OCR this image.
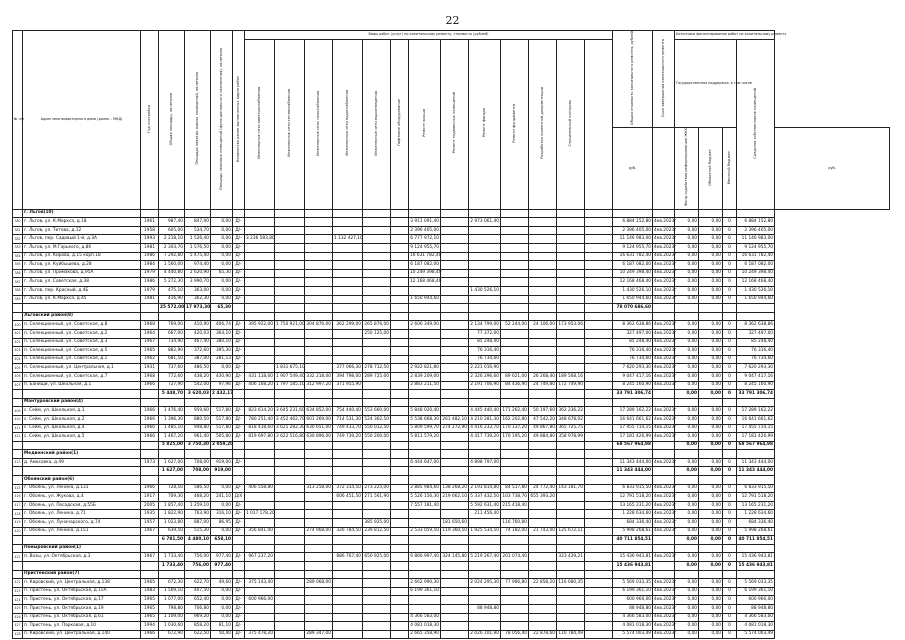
22
№ п/п	Адрес многоквартирного дома (далее – МКД)	Год постройки	Общая площадь, кв.метров	Площадь квартир жилых помещений, кв.метров	Площадь нежилых помещений (функционального назначения), кв.метров	Количество ранее выполненных видов работ	Виды работ (услуг) по капитальному ремонту, стоимость (рублей)													Общая стоимость капитального ремонта, рублей	Срок завершения капитального ремонта	Источники финансирования работ по капитальному ремонту				
							Инженерные сети электроснабжения	Инженерные сети теплоснабжения	Инженерные сети газоснабжения	Инженерные сети водоснабжения	Инженерные сети водоотведения	Лифтовое оборудование	Ремонт крыши	Ремонт подвальных помещений	Ремонт фасада	Ремонт фундамента	Разработка проектной документации	Строительный контроль				Государственная поддержка, в том числе			Средства собственников помещений	
																				руб.		Фонд содействия реформированию ЖКХ	Областной бюджет	Местный бюджет		руб.
	г. Льгов(10)																									
380	г. Льгов, ул. К.Маркса, д.18	1961	987,40	847,00	0,00	Д/-							3 911 091,40		2 973 061,40					6 884 152,80	4кв.2023г	0,00	0,00	0	6 884 152,80	
381	г. Льгов, ул. Титова, д.12	1958	605,00	534,70	0,00	Д/-							2 396 405,00							2 396 405,00	4кв.2023г	0,00	0,00	0	2 396 405,00	
382	г. Льгов, пер. Садовый 1-й, д.3А	1993	2 218,10	1 526,40	0,00	Д/-	3 236 583,80			1 132 427,10			6 777 972,10							11 146 983,00	4кв.2023г	0,00	0,00	0	11 146 983,00	
383	г. Льгов, ул. М.Горького, д.86	1981	2 303,70	1 576,50	0,00	Д/-							9 124 955,70							9 124 955,70	4кв.2023г	0,00	0,00	0	9 124 955,70	
384	г. Льгов, ул. Кирова, д.15 корп.18	1986	7 292,80	5 475,40	0,00	Д/-							16 631 782,40							16 631 782,40	4кв.2023г	0,00	0,00	0	16 631 782,40	
385	г. Льгов, ул. Куйбышева, д.28	1984	1 560,00	974,40	0,00	Д/-							6 187 082,00							6 187 082,00	4кв.2023г	0,00	0,00	0	6 187 082,00	
386	г. Льгов, ул. Примакова, д.95А	1979	4 440,80	2 620,90	65,30	Д/-							10 249 398,40							10 249 398,40	4кв.2023г	0,00	0,00	0	10 249 398,40	
387	г. Льгов, ул. Советская, д.38	1986	5 272,30	3 990,70	0,00	Д/-							12 168 468,40							12 168 468,40	4кв.2023г	0,00	0,00	0	12 168 468,40	
388	г. Льгов, пер. Красный, д.4Б	1979	475,10	363,00	0,00	Д/-									1 430 526,10					1 430 526,10	4кв.2023г	0,00	0,00	0	1 430 526,10	
389	г. Льгов, ул. К.Маркса, д.45	1981	416,90	362,30	0,00	Д/-							1 650 944,60							1 650 944,60	4кв.2023г	0,00	0,00	0	1 650 944,60	
			25 572,00	17 973,30	65,30															78 070 686,60						
	Льговский район(8)																									
400	п. Селекционный, ул. Советская, д.8	1968	769,00	410,90	406,74	Д/-	395 922,00	1 750 921,00	304 876,00	362 299,00	265 876,00		2 606 349,00		2 134 799,00	52 244,00	24 106,00	173 953,06		8 362 638,86	4кв.2023г	0,00	0,00	0	8 362 638,86	
401	п. Селекционный, ул. Советская, д.2	1964	667,00	420,03	364,10	Д/-					250 125,00				77 372,00					327 497,00	4кв.2023г	0,00	0,00	0	327 497,00	
402	п. Селекционный, ул. Советская, д.3	1967	734,90	467,40	380,10	Д/-									85 248,40					85 248,40	4кв.2023г	0,00	0,00	0	85 248,40	
403	п. Селекционный, ул. Советская, д.5	1965	882,90	372,60	395,30	Д/-									76 316,40					76 316,40	4кв.2023г	0,00	0,00	0	76 316,40	
404	п. Селекционный, ул. Советская, д.1	1962	681,50	387,00	281,13	Д/-									76 734,60					76 734,60	4кв.2023г	0,00	0,00	0	76 734,60	
405	п. Селекционный, ул. Центральная, д.1	1931	737,60	486,50	0,00	Д/-		1 831 675,10		377 066,30	278 712,50		2 922 821,80		2 221 016,90					7 620 293,30	4кв.2023г	0,00	0,00	0	7 620 293,30	
406	п. Селекционный, ул. Советская, д.7	1968	772,60	438,20	430,90	Д/-	431 118,00	1 907 549,40	332 218,00	394 798,00	289 725,00		2 839 209,00		2 326 296,60	89 621,00	26 268,40	189 568,16		9 047 417,16	4кв.2023г	0,00	0,00	0	9 047 417,16	
407	п. Банищи, ул. Школьная, д.1	1966	727,90	542,00	97,96	Д/-	406 168,20	1 797 185,10	312 997,20	371 955,90			2 883 211,50		2 191 706,90	84 436,90	24 749,80	172 749,90		8 245 160,90	4кв.2023г	0,00	0,00	0	8 245 160,90	
			5 448,70	3 620,03	2 432,17															33 791 306,74		0,00	0,00	0	33 791 306,74	
	Мантуровский район(4)																									
409	с. Сейм, ул. Школьная, д.1	1966	1 476,40	959,60	517,80	Д/-	823 614,20	3 645 231,60	634 852,00	754 440,40	553 660,00		5 848 020,40		4 445 440,40	171 262,40	50 197,60	362 236,22		17 289 162,22	4кв.2023г	0,00	0,00	0	17 289 162,22	
410	с. Сейм, ул. Школьная, д.2	1966	1 396,30	880,50	517,80	Д/-	780 251,40	3 452 462,70	601 269,00	714 531,30	524 362,50		5 538 668,30	261 482,10	4 210 281,30	162 202,80	47 542,20	348 678,02		16 641 661,62	4кв.2023г	0,00	0,00	0	16 641 661,62	
411	с. Сейм, ул. Школьная, д.4	1966	1 485,10	948,80	517,80	Д/-	818 418,60	3 621 282,30	630 651,00	749 433,70	550 012,50		5 809 599,70	274 272,90	4 416 233,70	170 137,20	49 867,80	365 725,75		17 455 714,15	4кв.2023г	0,00	0,00	0	17 455 714,15	
412	с. Сейм, ул. Школьная, д.5	1966	1 467,20	961,40	505,80	Д/-	819 697,80	3 622 516,80	630 896,00	749 739,20	550 200,00		5 811 579,20		4 417 739,20	170 195,20	49 884,80	358 978,99		17 181 426,99	4кв.2023г	0,00	0,00	0	17 181 426,99	
			5 825,00	3 750,30	2 059,20															68 567 964,98		0,00	0,00	0	68 567 964,98	
	Медвенский район(1)																									
413	д. Амосовка, д.49	1973	1 627,00	708,00	919,00	Д/-							6 444 647,00		4 898 797,00					11 343 444,00	4кв.2023г	0,00	0,00	0	11 343 444,00	
			1 627,00	708,00	919,00															11 343 444,00		0,00	0,00	0	11 343 444,00	
	Обоянский район(6)																									
415	г. Обоянь, ул. Ленина, д.131	1966	728,50	586,50	0,00	Д/-	406 558,80		313 258,00	372 314,50	273 225,00		2 885 984,60	138 268,20	2 193 814,80	84 517,80	24 772,40	143 181,70		6 833 915,50	4кв.2023г	0,00	0,00	0	6 833 915,50	
416	г. Обоянь, ул. Жукова, д.4	1917	709,30	468,20	241,10	Д/Х				606 451,50	271 561,90		5 526 156,30	219 662,10	5 337 432,50	103 738,70	655 393,20			12 791 518,20	4кв.2023г	0,00	0,00	0	12 791 518,20	
417	г. Обоянь, ул. Посадская, д.55Б	2005	1 857,40	1 259,10	0,00	Д/-							7 557 181,40		5 592 631,40	215 418,40				13 165 231,20	4кв.2023г	0,00	0,00	0	13 165 231,20	
418	г. Обоянь, ул. Ленина, д.71	1935	1 822,90	763,90	316,10	Д/-	1 017 178,20								211 456,40					1 228 634,60	4кв.2023г	0,00	0,00	0	1 228 634,60	
419	г. Обоянь, ул. Луначарского, д.74	1957	1 023,80	887,00	86,95	Д/-					385 925,00			181 650,60		116 760,80				684 336,40	4кв.2023г	0,00	0,00	0	684 336,40	
420	г. Обоянь, ул. Ленина, д.151	1967	639,50	515,30	0,00	Д/-	356 841,00		274 968,00	326 784,50	239 812,50		2 533 059,50	119 360,50	1 925 534,50	74 182,00	21 743,00	125 672,11		5 998 268,61	4кв.2023г	0,00	0,00	0	5 998 268,61	
			6 781,50	4 480,10	658,10															40 711 854,51		0,00	0,00	0	40 711 854,51	
	Поныровский район(1)																									
421	п. Возы, ул. Октябрьская, д.3	1967	1 733,40	756,00	977,40	Д/-	967 237,20			886 767,40	650 925,00		6 866 997,40	324 145,80	5 219 267,40	201 074,40		323 429,21		15 436 943,81	4кв.2023г	0,00	0,00	0	15 436 943,81	
			1 733,40	756,00	977,40															15 436 943,81		0,00	0,00	0	15 436 943,81	
	Пристенский район(7)																									
422	п. Кировский, ул. Центральная, д.138	1965	672,30	622,70	49,60	Д/-	375 143,40		289 068,00				2 662 990,30		2 024 295,30	77 986,80	22 858,20	116 680,35		5 569 033,35	4кв.2023г	0,00	0,00	0	5 569 033,35	
423	п. Пристень, ул. Октябрьская, д.15А	1983	1 569,10	407,50	0,00	Д/-							6 199 361,10							6 199 361,10	4кв.2023г	0,00	0,00	0	6 199 361,10	
424	п. Пристень, ул. Октябрьская, д.17	1965	1 077,00	652,40	0,00	Д/-	600 966,00													600 966,00	4кв.2023г	0,00	0,00	0	600 966,00	
425	п. Пристень, ул. Октябрьская, д.19	1965	798,80	706,80	0,00	Д/-									88 948,80					88 948,80	4кв.2023г	0,00	0,00	0	88 948,80	
426	п. Пристень, ул. Октябрьская, д.61	1965	1 109,00	969,20	0,00	Д/-							4 366 583,00							4 366 583,00	4кв.2023г	0,00	0,00	0	4 366 583,00	
427	п. Пристень, ул. Парковая, д.10	1994	1 030,60	858,20	81,10	Д/-							4 081 018,30							4 081 018,30	4кв.2023г	0,00	0,00	0	4 081 018,30	
428	п. Кировский, ул. Центральная, д.140	1966	672,90	622,50	50,40	Д/-	375 478,20		289 347,00				2 665 358,90		2 026 101,90	78 056,40	22 878,60	116 784,49		5 574 003,49	4кв.2023г	0,00	0,00	0	5 574 003,49	
